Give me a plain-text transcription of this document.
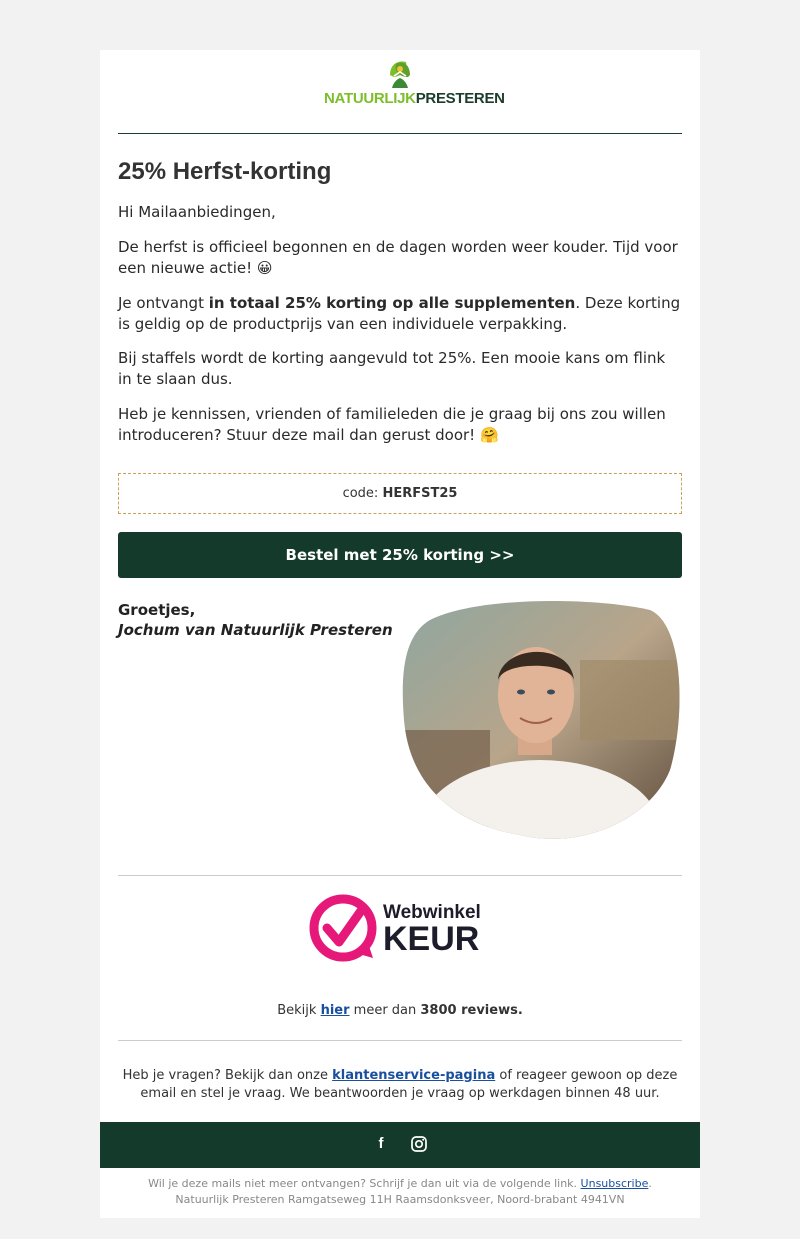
NATUURLIJKPRESTEREN
25% Herfst-korting

Hi Mailaanbiedingen,

De herfst is officieel begonnen en de dagen worden weer kouder. Tijd voor een nieuwe actie! 😀

Je ontvangt in totaal 25% korting op alle supplementen. Deze korting is geldig op de productprijs van een individuele verpakking.

Bij staffels wordt de korting aangevuld tot 25%. Een mooie kans om flink in te slaan dus.

Heb je kennissen, vrienden of familieleden die je graag bij ons zou willen introduceren? Stuur deze mail dan gerust door! 🤗

code: HERFST25
Bestel met 25% korting >>
Groetjes,
Jochum van Natuurlijk Presteren
Webwinkel
KEUR

Bekijk hier meer dan 3800 reviews.

Heb je vragen? Bekijk dan onze klantenservice-pagina of reageer gewoon op deze email en stel je vraag. We beantwoorden je vraag op werkdagen binnen 48 uur.

f
Wil je deze mails niet meer ontvangen? Schrijf je dan uit via de volgende link. Unsubscribe.
Natuurlijk Presteren Ramgatseweg 11H Raamsdonksveer, Noord-brabant 4941VN
